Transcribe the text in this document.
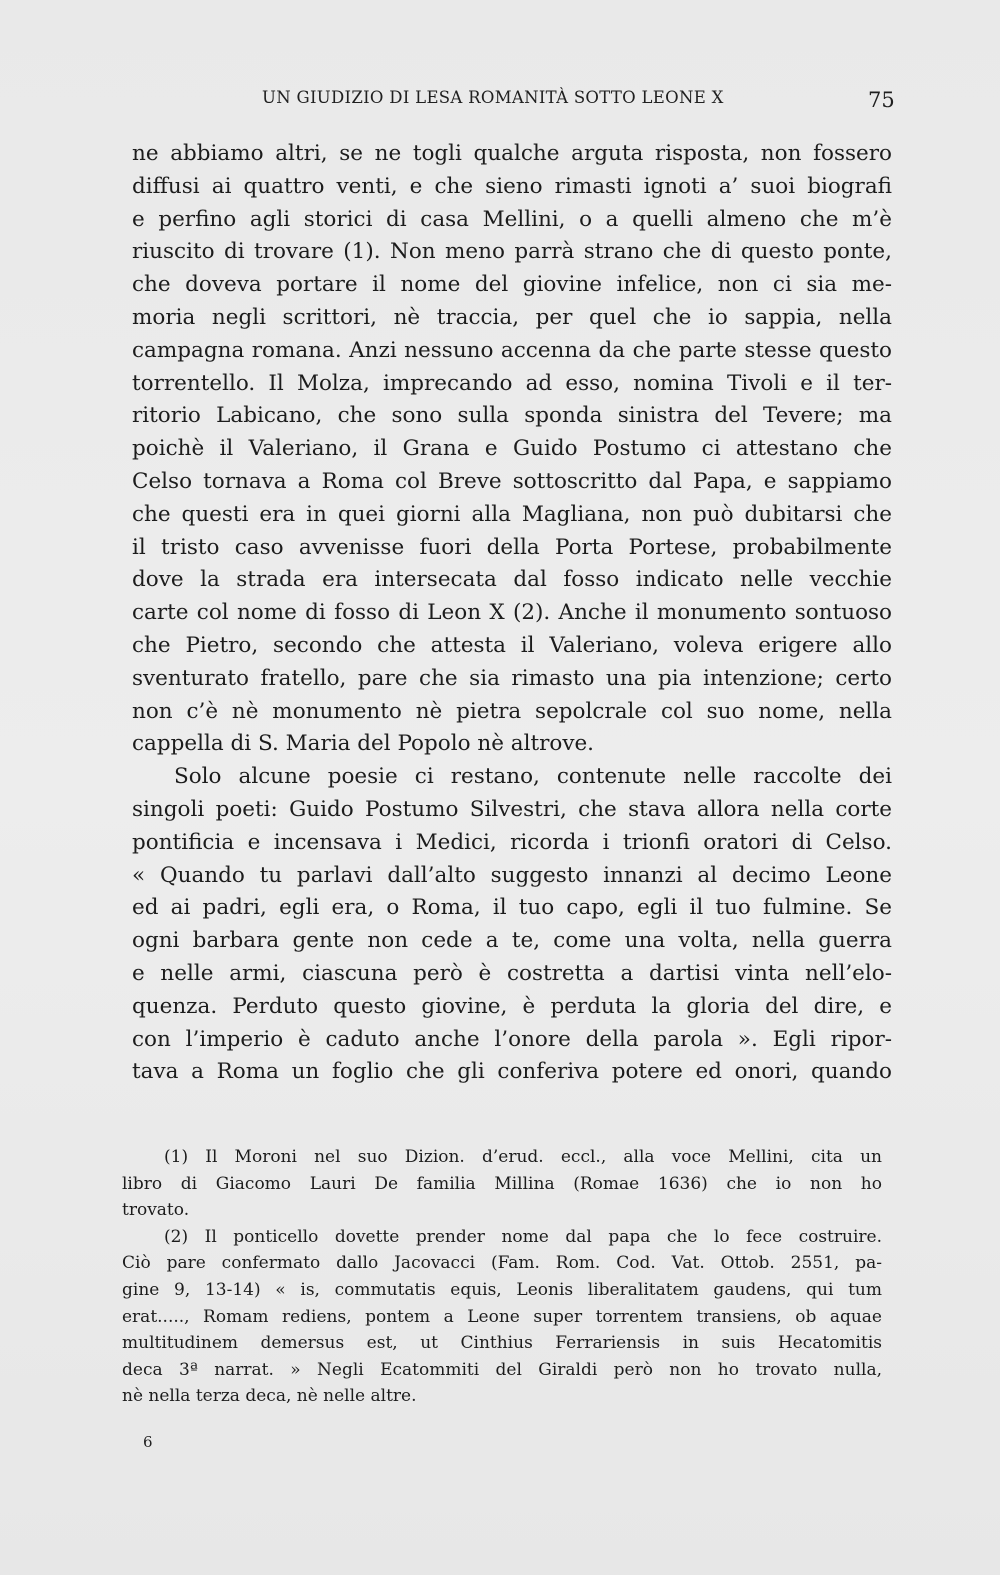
UN GIUDIZIO DI LESA ROMANITÀ SOTTO LEONE X	75
ne abbiamo altri, se ne togli qualche arguta risposta, non fossero
diffusi ai quattro venti, e che sieno rimasti ignoti a’ suoi biografi
e perfino agli storici di casa Mellini, o a quelli almeno che m’è
riuscito di trovare (1). Non meno parrà strano che di questo ponte,
che doveva portare il nome del giovine infelice, non ci sia me-
moria negli scrittori, nè traccia, per quel che io sappia, nella
campagna romana. Anzi nessuno accenna da che parte stesse questo
torrentello. Il Molza, imprecando ad esso, nomina Tivoli e il ter-
ritorio Labicano, che sono sulla sponda sinistra del Tevere; ma
poichè il Valeriano, il Grana e Guido Postumo ci attestano che
Celso tornava a Roma col Breve sottoscritto dal Papa, e sappiamo
che questi era in quei giorni alla Magliana, non può dubitarsi che
il tristo caso avvenisse fuori della Porta Portese, probabilmente
dove la strada era intersecata dal fosso indicato nelle vecchie
carte col nome di fosso di Leon X (2). Anche il monumento sontuoso
che Pietro, secondo che attesta il Valeriano, voleva erigere allo
sventurato fratello, pare che sia rimasto una pia intenzione; certo
non c’è nè monumento nè pietra sepolcrale col suo nome, nella
cappella di S. Maria del Popolo nè altrove.
Solo alcune poesie ci restano, contenute nelle raccolte dei
singoli poeti: Guido Postumo Silvestri, che stava allora nella corte
pontificia e incensava i Medici, ricorda i trionfi oratori di Celso.
« Quando tu parlavi dall’alto suggesto innanzi al decimo Leone
ed ai padri, egli era, o Roma, il tuo capo, egli il tuo fulmine. Se
ogni barbara gente non cede a te, come una volta, nella guerra
e nelle armi, ciascuna però è costretta a dartisi vinta nell’elo-
quenza. Perduto questo giovine, è perduta la gloria del dire, e
con l’imperio è caduto anche l’onore della parola ». Egli ripor-
tava a Roma un foglio che gli conferiva potere ed onori, quando
(1) Il Moroni nel suo Dizion. d’erud. eccl., alla voce Mellini, cita un
libro di Giacomo Lauri De familia Millina (Romae 1636) che io non ho
trovato.
(2) Il ponticello dovette prender nome dal papa che lo fece costruire.
Ciò pare confermato dallo Jacovacci (Fam. Rom. Cod. Vat. Ottob. 2551, pa-
gine 9, 13-14) « is, commutatis equis, Leonis liberalitatem gaudens, qui tum
erat....., Romam rediens, pontem a Leone super torrentem transiens, ob aquae
multitudinem demersus est, ut Cinthius Ferrariensis in suis Hecatomitis
deca 3ª narrat. » Negli Ecatommiti del Giraldi però non ho trovato nulla,
nè nella terza deca, nè nelle altre.
6
